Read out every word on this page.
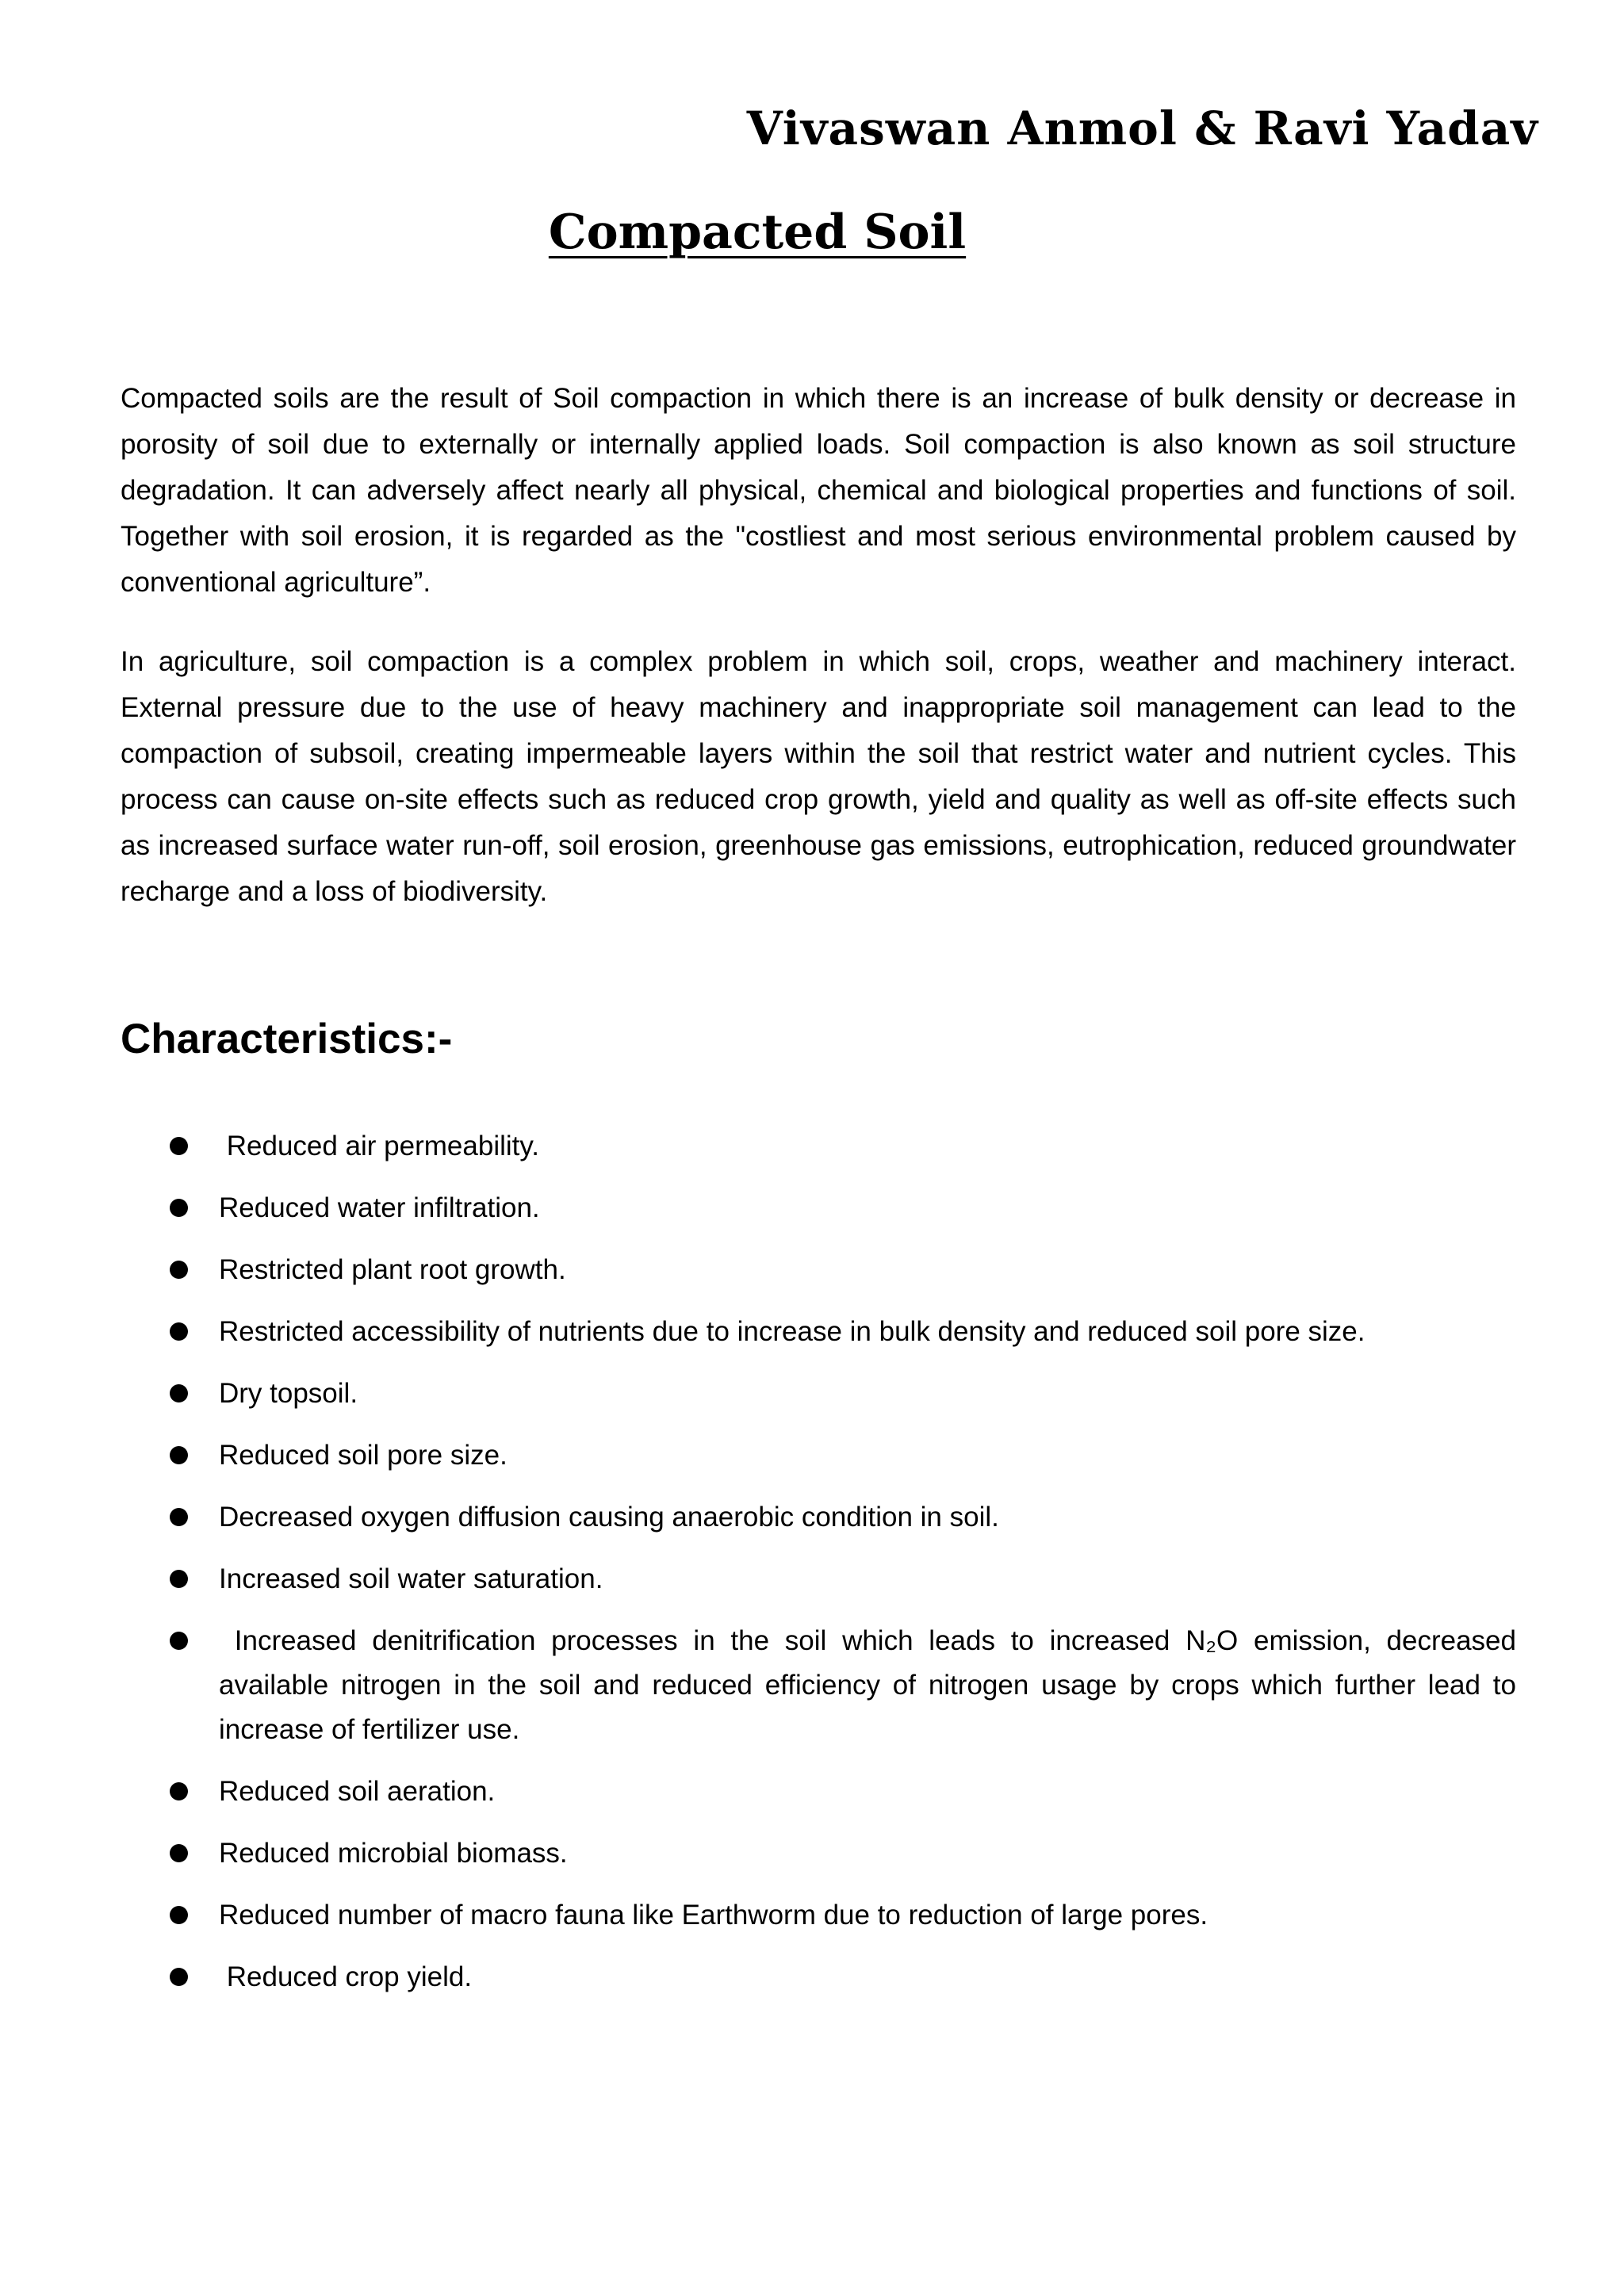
Vivaswan Anmol & Ravi Yadav
Compacted Soil

Compacted soils are the result of Soil compaction in which there is an increase of bulk density or decrease in porosity of soil due to externally or internally applied loads. Soil compaction is also known as soil structure degradation. It can adversely affect nearly all physical, chemical and biological properties and functions of soil. Together with soil erosion, it is regarded as the "costliest and most serious environmental problem caused by conventional agriculture”.

In agriculture, soil compaction is a complex problem in which soil, crops, weather and machinery interact. External pressure due to the use of heavy machinery and inappropriate soil management can lead to the compaction of subsoil, creating impermeable layers within the soil that restrict water and nutrient cycles. This process can cause on-site effects such as reduced crop growth, yield and quality as well as off-site effects such as increased surface water run-off, soil erosion, greenhouse gas emissions, eutrophication, reduced groundwater recharge and a loss of biodiversity.

Characteristics:-
Reduced air permeability.
Reduced water infiltration.
Restricted plant root growth.
Restricted accessibility of nutrients due to increase in bulk density and reduced soil pore size.
Dry topsoil.
Reduced soil pore size.
Decreased oxygen diffusion causing anaerobic condition in soil.
Increased soil water saturation.
Increased denitrification processes in the soil which leads to increased N₂O emission, decreased available nitrogen in the soil and reduced efficiency of nitrogen usage by crops which further lead to increase of fertilizer use.
Reduced soil aeration.
Reduced microbial biomass.
Reduced number of macro fauna like Earthworm due to reduction of large pores.
Reduced crop yield.
